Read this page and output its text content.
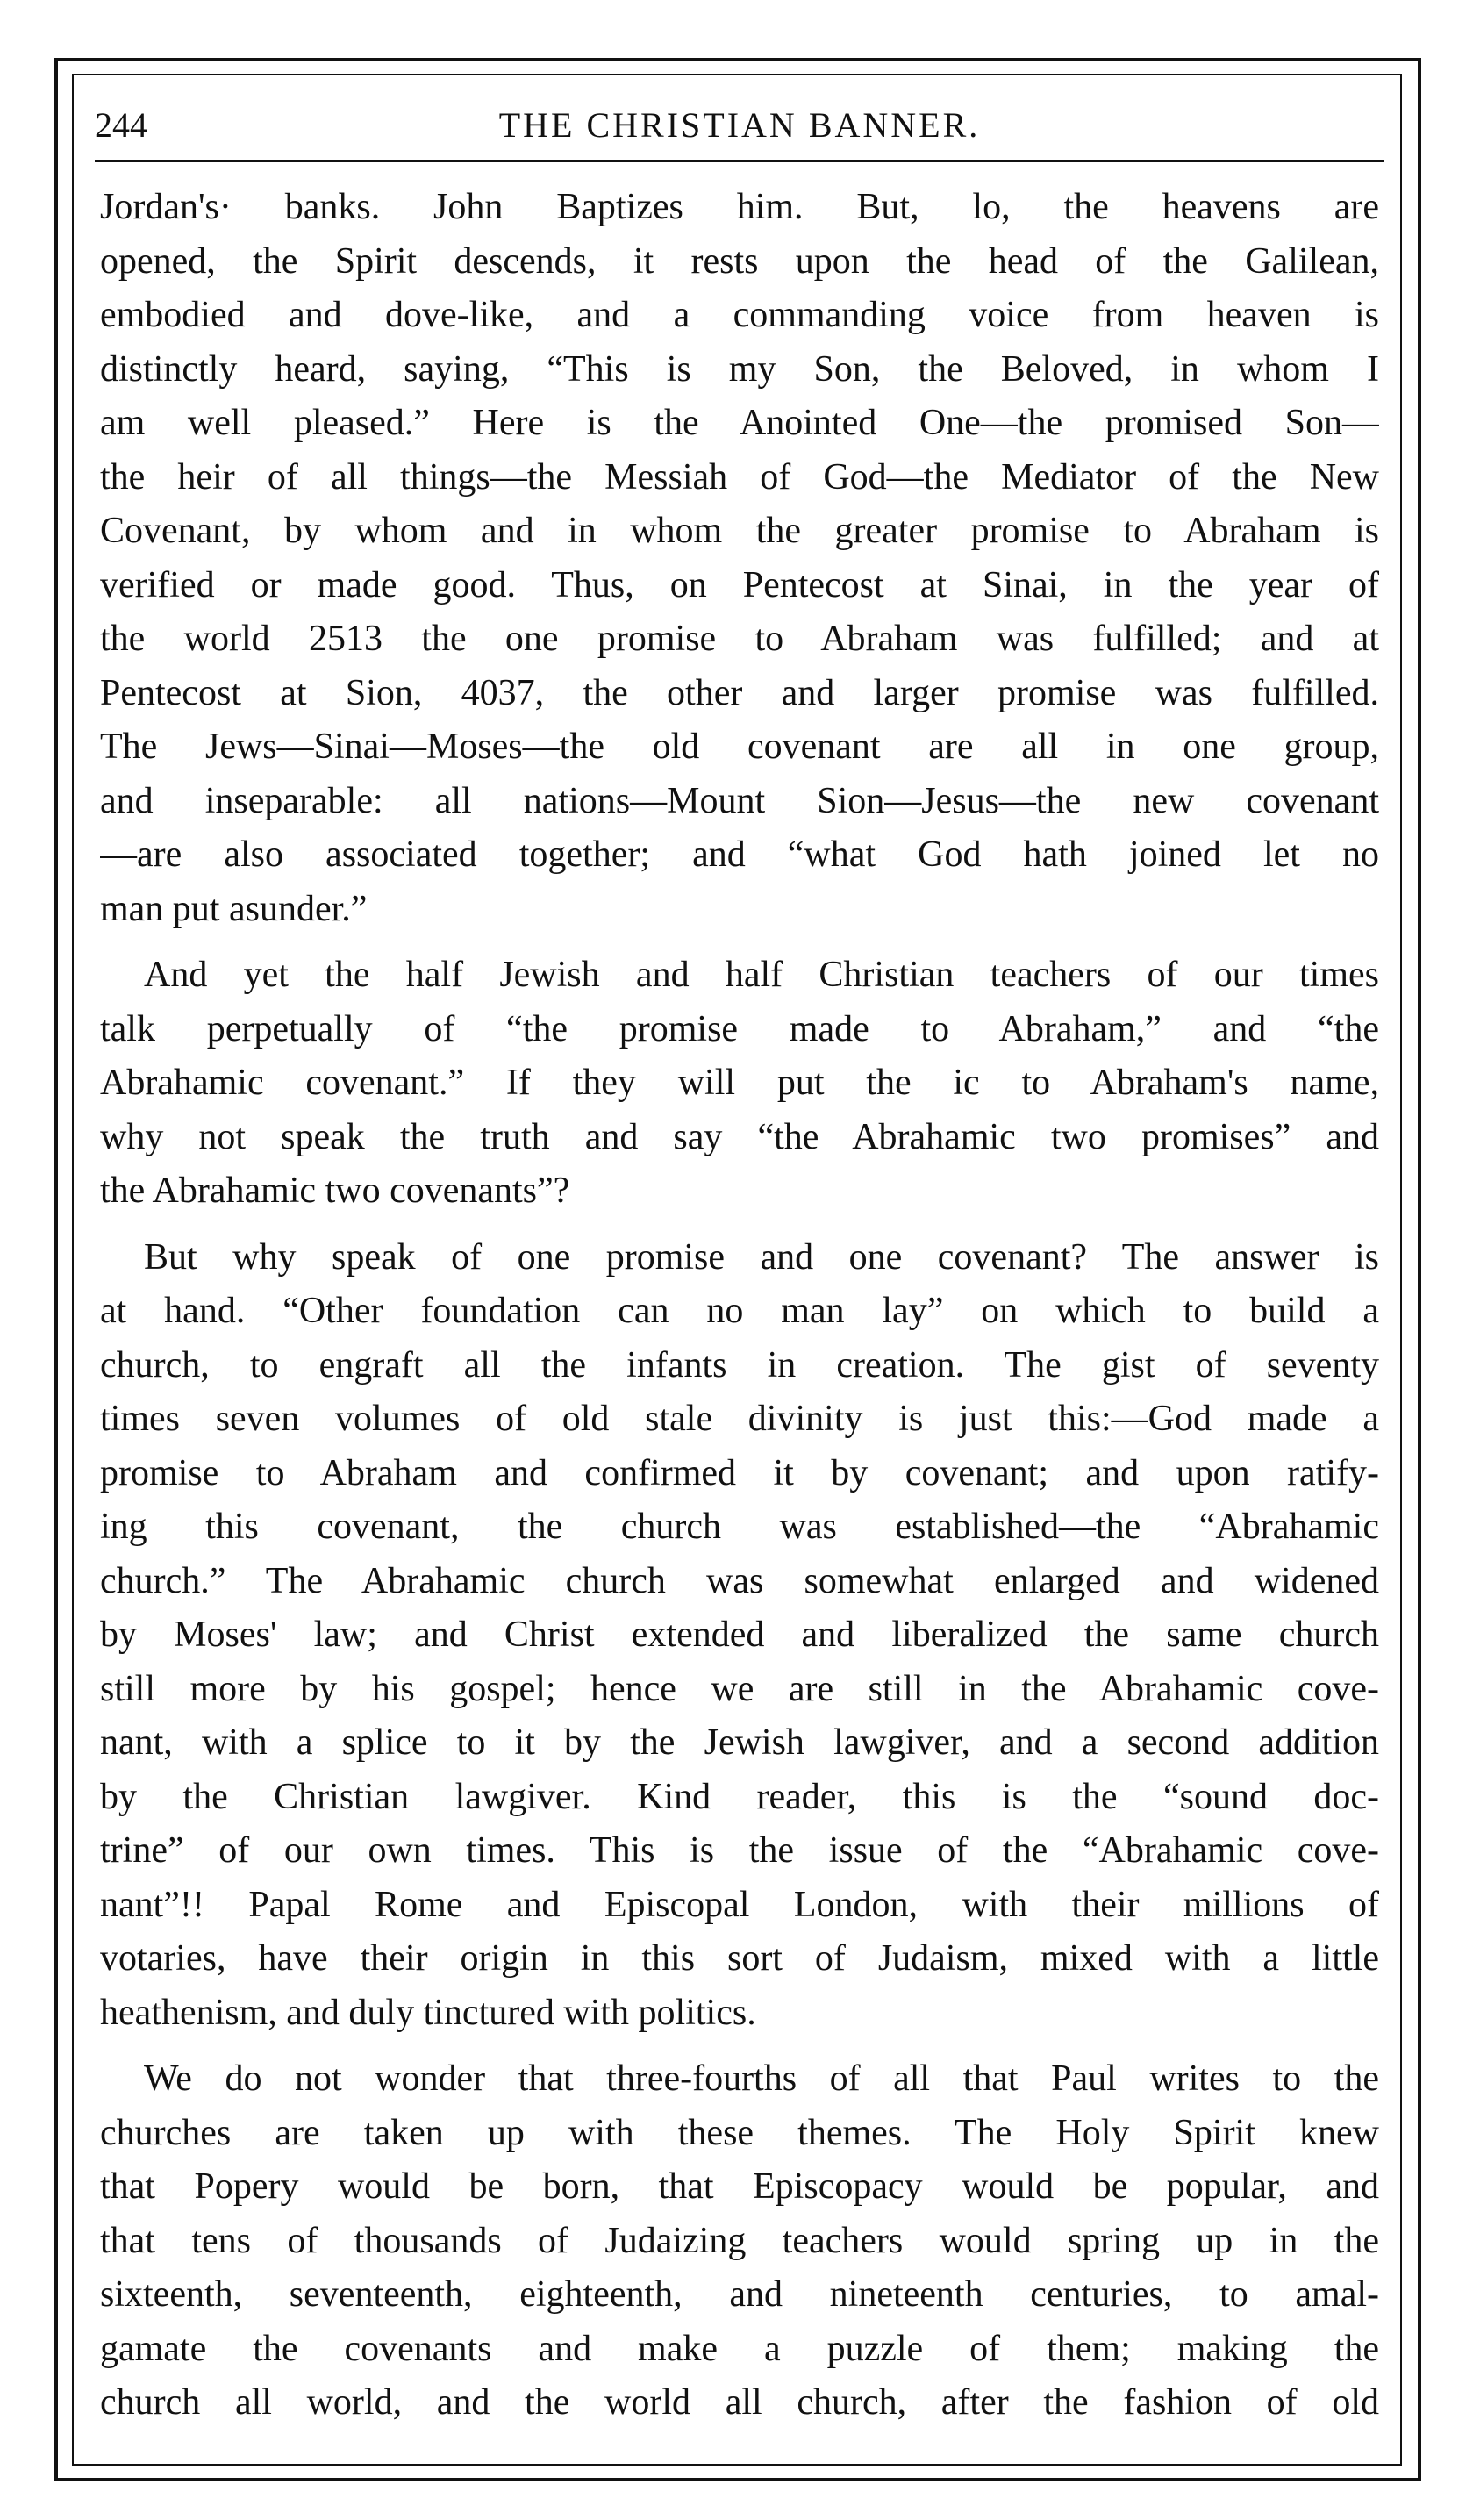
244	THE CHRISTIAN BANNER.

Jordan's· banks. John Baptizes him. But, lo, the heavens are
opened, the Spirit descends, it rests upon the head of the Galilean,
embodied and dove-like, and a commanding voice from heaven is
distinctly heard, saying, “This is my Son, the Beloved, in whom I
am well pleased.” Here is the Anointed One—the promised Son—
the heir of all things—the Messiah of God—the Mediator of the New
Covenant, by whom and in whom the greater promise to Abraham is
verified or made good. Thus, on Pentecost at Sinai, in the year of
the world 2513 the one promise to Abraham was fulfilled; and at
Pentecost at Sion, 4037, the other and larger promise was fulfilled.
The Jews—Sinai—Moses—the old covenant are all in one group,
and inseparable: all nations—Mount Sion—Jesus—the new covenant
—are also associated together; and “what God hath joined let no
man put asunder.”

And yet the half Jewish and half Christian teachers of our times
talk perpetually of “the promise made to Abraham,” and “the
Abrahamic covenant.” If they will put the ic to Abraham's name,
why not speak the truth and say “the Abrahamic two promises” and
the Abrahamic two covenants”?

But why speak of one promise and one covenant? The answer is
at hand. “Other foundation can no man lay” on which to build a
church, to engraft all the infants in creation. The gist of seventy
times seven volumes of old stale divinity is just this:—God made a
promise to Abraham and confirmed it by covenant; and upon ratify-
ing this covenant, the church was established—the “Abrahamic
church.” The Abrahamic church was somewhat enlarged and widened
by Moses' law; and Christ extended and liberalized the same church
still more by his gospel; hence we are still in the Abrahamic cove-
nant, with a splice to it by the Jewish lawgiver, and a second addition
by the Christian lawgiver. Kind reader, this is the “sound doc-
trine” of our own times. This is the issue of the “Abrahamic cove-
nant”!! Papal Rome and Episcopal London, with their millions of
votaries, have their origin in this sort of Judaism, mixed with a little
heathenism, and duly tinctured with politics.

We do not wonder that three-fourths of all that Paul writes to the
churches are taken up with these themes. The Holy Spirit knew
that Popery would be born, that Episcopacy would be popular, and
that tens of thousands of Judaizing teachers would spring up in the
sixteenth, seventeenth, eighteenth, and nineteenth centuries, to amal-
gamate the covenants and make a puzzle of them; making the
church all world, and the world all church, after the fashion of old
